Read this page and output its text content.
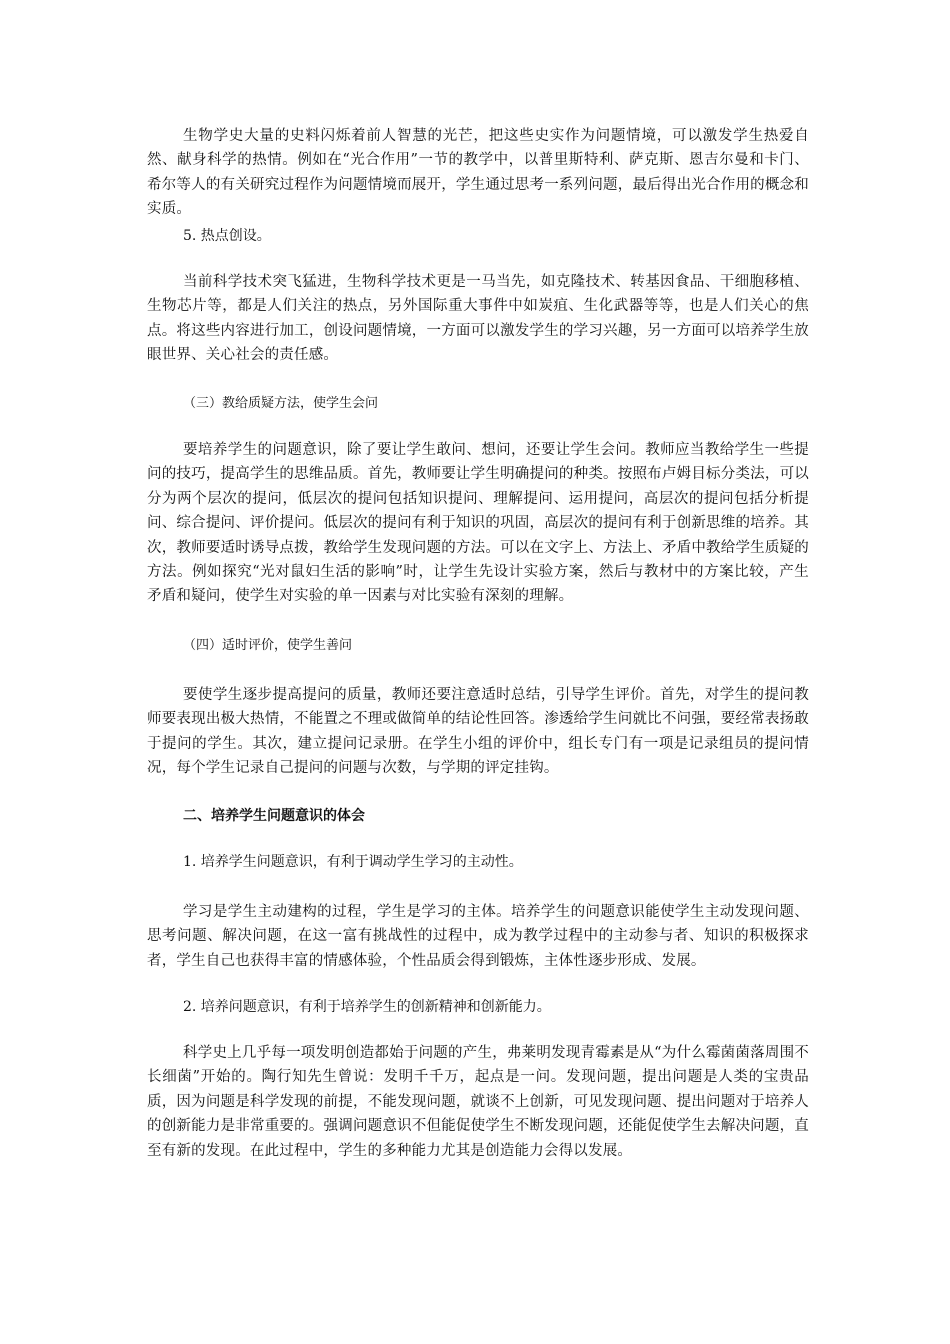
生物学史大量的史料闪烁着前人智慧的光芒，把这些史实作为问题情境，可以激发学生热爱自然、献身科学的热情。例如在“光合作用”一节的教学中，以普里斯特利、萨克斯、恩吉尔曼和卡门、希尔等人的有关研究过程作为问题情境而展开，学生通过思考一系列问题，最后得出光合作用的概念和实质。

5. 热点创设。

当前科学技术突飞猛进，生物科学技术更是一马当先，如克隆技术、转基因食品、干细胞移植、生物芯片等，都是人们关注的热点，另外国际重大事件中如炭疽、生化武器等等，也是人们关心的焦点。将这些内容进行加工，创设问题情境，一方面可以激发学生的学习兴趣，另一方面可以培养学生放眼世界、关心社会的责任感。

（三）教给质疑方法，使学生会问

要培养学生的问题意识，除了要让学生敢问、想问，还要让学生会问。教师应当教给学生一些提问的技巧，提高学生的思维品质。首先，教师要让学生明确提问的种类。按照布卢姆目标分类法，可以分为两个层次的提问，低层次的提问包括知识提问、理解提问、运用提问，高层次的提问包括分析提问、综合提问、评价提问。低层次的提问有利于知识的巩固，高层次的提问有利于创新思维的培养。其次，教师要适时诱导点拨，教给学生发现问题的方法。可以在文字上、方法上、矛盾中教给学生质疑的方法。例如探究“光对鼠妇生活的影响”时，让学生先设计实验方案，然后与教材中的方案比较，产生矛盾和疑问，使学生对实验的单一因素与对比实验有深刻的理解。

（四）适时评价，使学生善问

要使学生逐步提高提问的质量，教师还要注意适时总结，引导学生评价。首先，对学生的提问教师要表现出极大热情，不能置之不理或做简单的结论性回答。渗透给学生问就比不问强，要经常表扬敢于提问的学生。其次，建立提问记录册。在学生小组的评价中，组长专门有一项是记录组员的提问情况，每个学生记录自己提问的问题与次数，与学期的评定挂钩。

二、培养学生问题意识的体会

1. 培养学生问题意识，有利于调动学生学习的主动性。

学习是学生主动建构的过程，学生是学习的主体。培养学生的问题意识能使学生主动发现问题、思考问题、解决问题，在这一富有挑战性的过程中，成为教学过程中的主动参与者、知识的积极探求者，学生自己也获得丰富的情感体验，个性品质会得到锻炼，主体性逐步形成、发展。

2. 培养问题意识，有利于培养学生的创新精神和创新能力。

科学史上几乎每一项发明创造都始于问题的产生，弗莱明发现青霉素是从“为什么霉菌菌落周围不长细菌”开始的。陶行知先生曾说：发明千千万，起点是一问。发现问题，提出问题是人类的宝贵品质，因为问题是科学发现的前提，不能发现问题，就谈不上创新，可见发现问题、提出问题对于培养人的创新能力是非常重要的。强调问题意识不但能促使学生不断发现问题，还能促使学生去解决问题，直至有新的发现。在此过程中，学生的多种能力尤其是创造能力会得以发展。
